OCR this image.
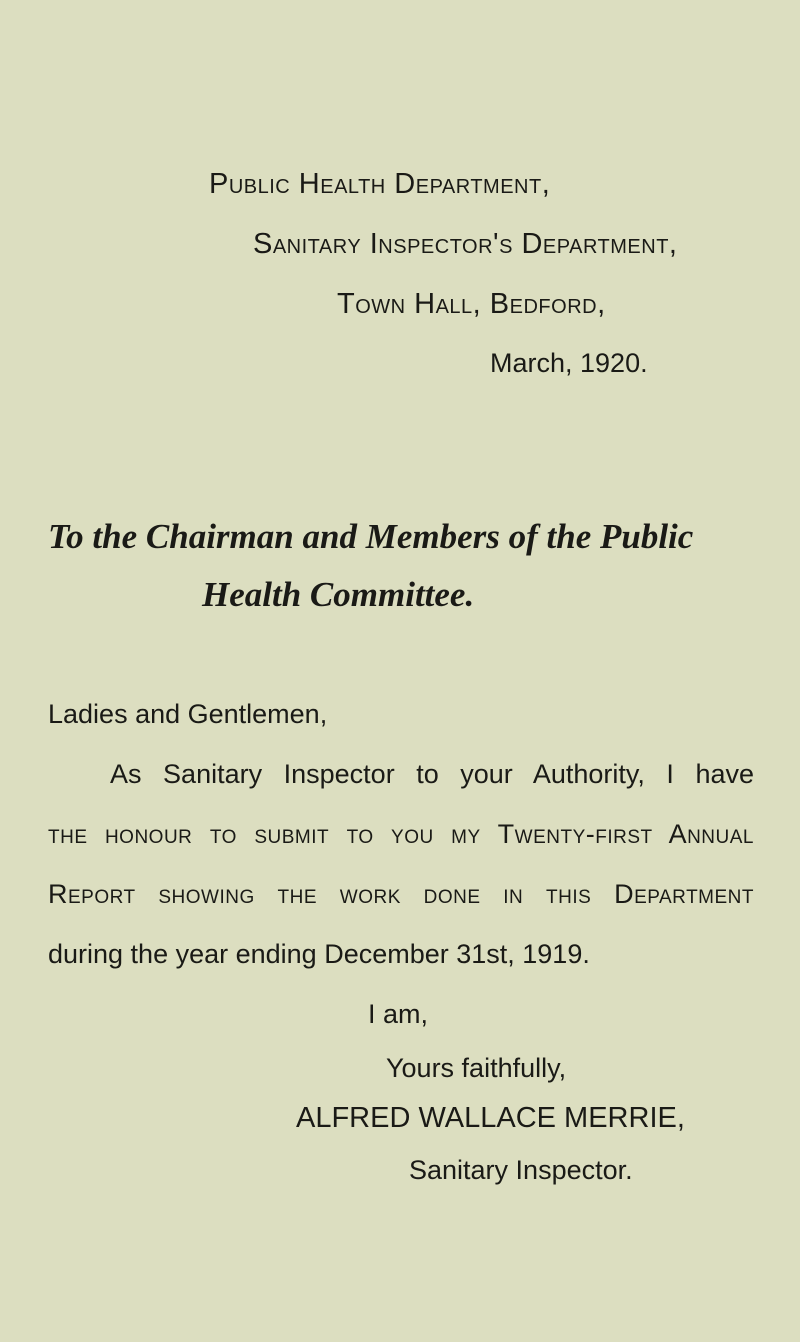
Public Health Department,
Sanitary Inspector's Department,
Town Hall, Bedford,
March, 1920.
To the Chairman and Members of the Public
Health Committee.
Ladies and Gentlemen,
As Sanitary Inspector to your Authority, I have
the honour to submit to you my Twenty-first Annual
Report showing the work done in this Department
during the year ending December 31st, 1919.
I am,
Yours faithfully,
ALFRED WALLACE MERRIE,
Sanitary Inspector.
